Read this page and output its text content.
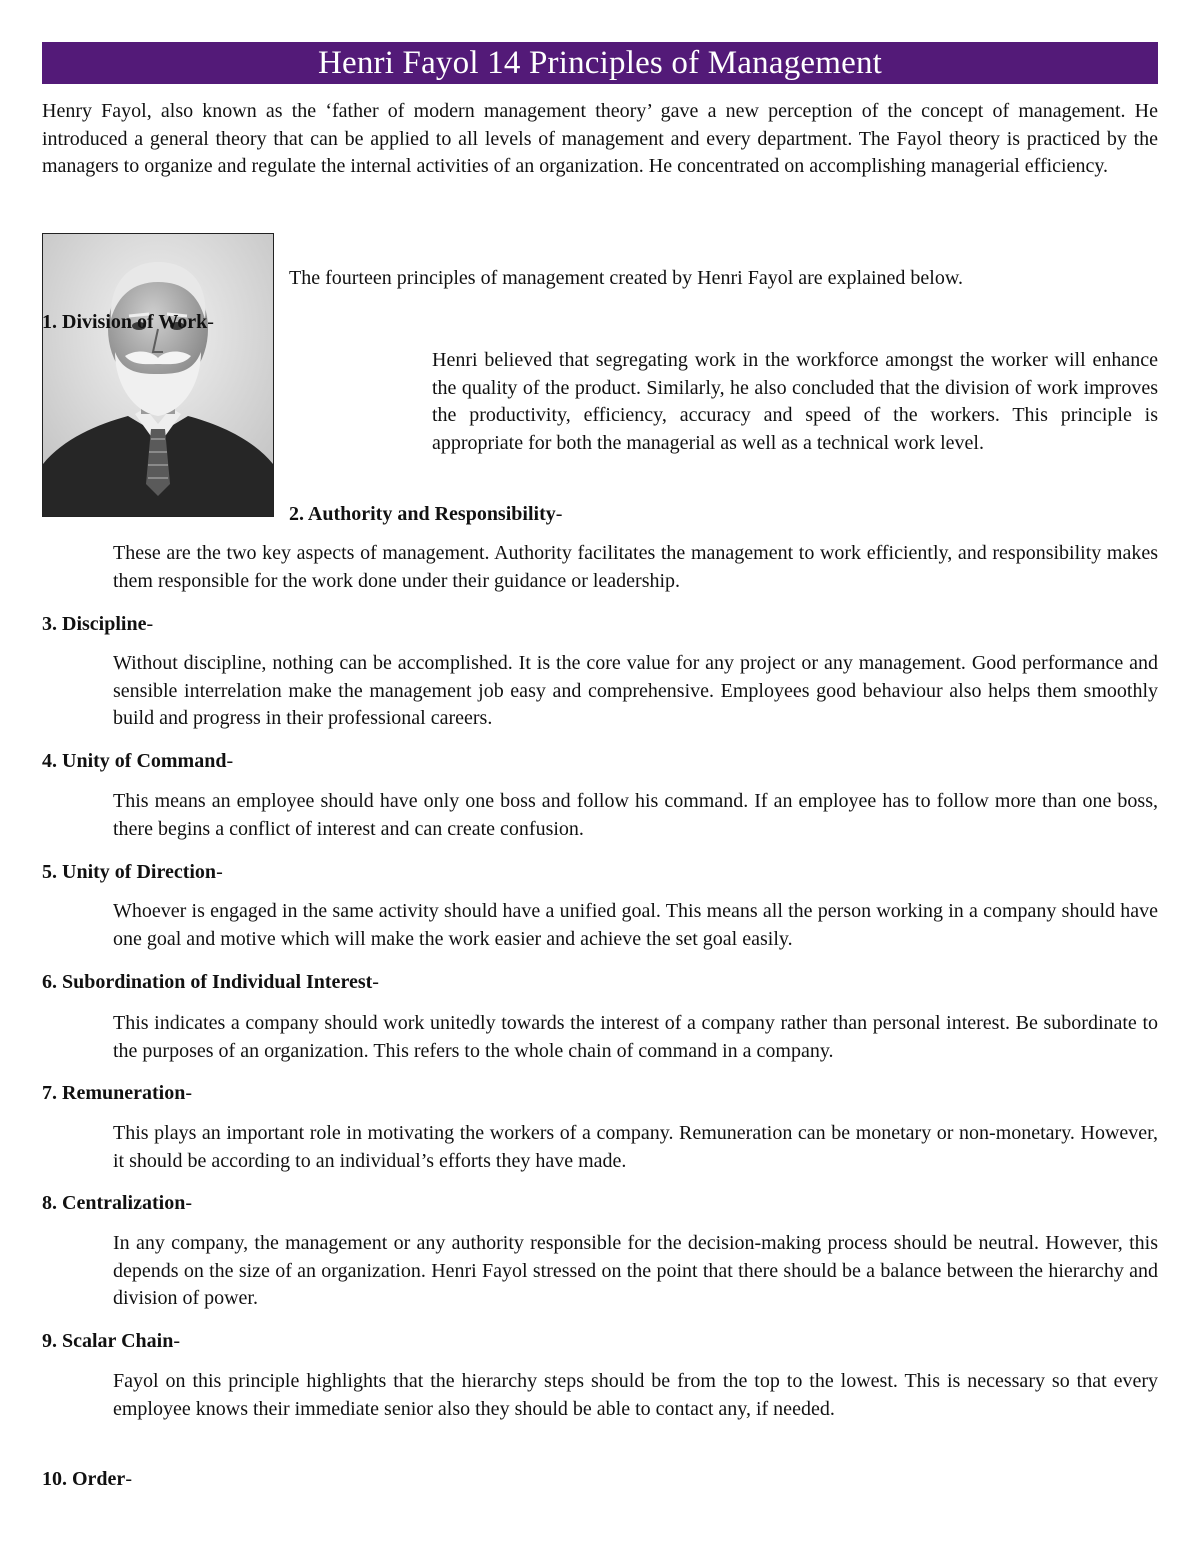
Henri Fayol 14 Principles of Management

Henry Fayol, also known as the ‘father of modern management theory’ gave a new perception of the concept of management. He introduced a general theory that can be applied to all levels of management and every department. The Fayol theory is practiced by the managers to organize and regulate the internal activities of an organization. He concentrated on accomplishing managerial efficiency.

The fourteen principles of management created by Henri Fayol are explained below.

1. Division of Work-

Henri believed that segregating work in the workforce amongst the worker will enhance the quality of the product. Similarly, he also concluded that the division of work improves the productivity, efficiency, accuracy and speed of the workers. This principle is appropriate for both the managerial as well as a technical work level.

2. Authority and Responsibility-

These are the two key aspects of management. Authority facilitates the management to work efficiently, and responsibility makes them responsible for the work done under their guidance or leadership.

3. Discipline-

Without discipline, nothing can be accomplished. It is the core value for any project or any management. Good performance and sensible interrelation make the management job easy and comprehensive. Employees good behaviour also helps them smoothly build and progress in their professional careers.

4. Unity of Command-

This means an employee should have only one boss and follow his command. If an employee has to follow more than one boss, there begins a conflict of interest and can create confusion.

5. Unity of Direction-

Whoever is engaged in the same activity should have a unified goal. This means all the person working in a company should have one goal and motive which will make the work easier and achieve the set goal easily.

6. Subordination of Individual Interest-

This indicates a company should work unitedly towards the interest of a company rather than personal interest. Be subordinate to the purposes of an organization. This refers to the whole chain of command in a company.

7. Remuneration-

This plays an important role in motivating the workers of a company. Remuneration can be monetary or non-monetary. However, it should be according to an individual’s efforts they have made.

8. Centralization-

In any company, the management or any authority responsible for the decision-making process should be neutral. However, this depends on the size of an organization. Henri Fayol stressed on the point that there should be a balance between the hierarchy and division of power.

9. Scalar Chain-

Fayol on this principle highlights that the hierarchy steps should be from the top to the lowest. This is necessary so that every employee knows their immediate senior also they should be able to contact any, if needed.

10. Order-
